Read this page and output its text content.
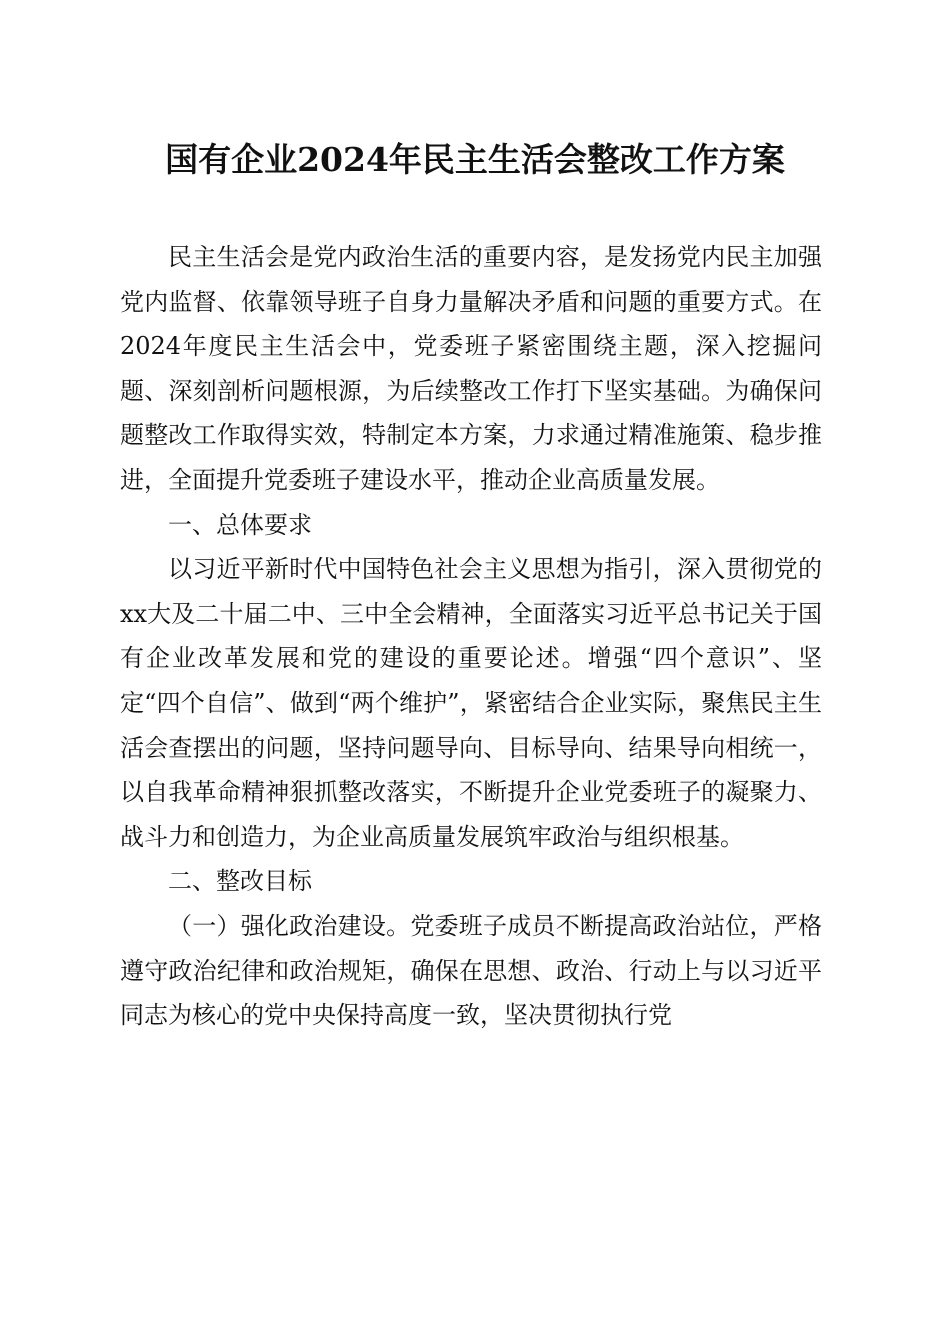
国有企业2024年民主生活会整改工作方案

民主生活会是党内政治生活的重要内容，是发扬党内民主加强党内监督、依靠领导班子自身力量解决矛盾和问题的重要方式。在2024年度民主生活会中，党委班子紧密围绕主题，深入挖掘问题、深刻剖析问题根源，为后续整改工作打下坚实基础。为确保问题整改工作取得实效，特制定本方案，力求通过精准施策、稳步推进，全面提升党委班子建设水平，推动企业高质量发展。

一、总体要求

以习近平新时代中国特色社会主义思想为指引，深入贯彻党的xx大及二十届二中、三中全会精神，全面落实习近平总书记关于国有企业改革发展和党的建设的重要论述。增强“四个意识”、坚定“四个自信”、做到“两个维护”，紧密结合企业实际，聚焦民主生活会查摆出的问题，坚持问题导向、目标导向、结果导向相统一，以自我革命精神狠抓整改落实，不断提升企业党委班子的凝聚力、战斗力和创造力，为企业高质量发展筑牢政治与组织根基。

二、整改目标

（一）强化政治建设。党委班子成员不断提高政治站位，严格遵守政治纪律和政治规矩，确保在思想、政治、行动上与以习近平同志为核心的党中央保持高度一致，坚决贯彻执行党
